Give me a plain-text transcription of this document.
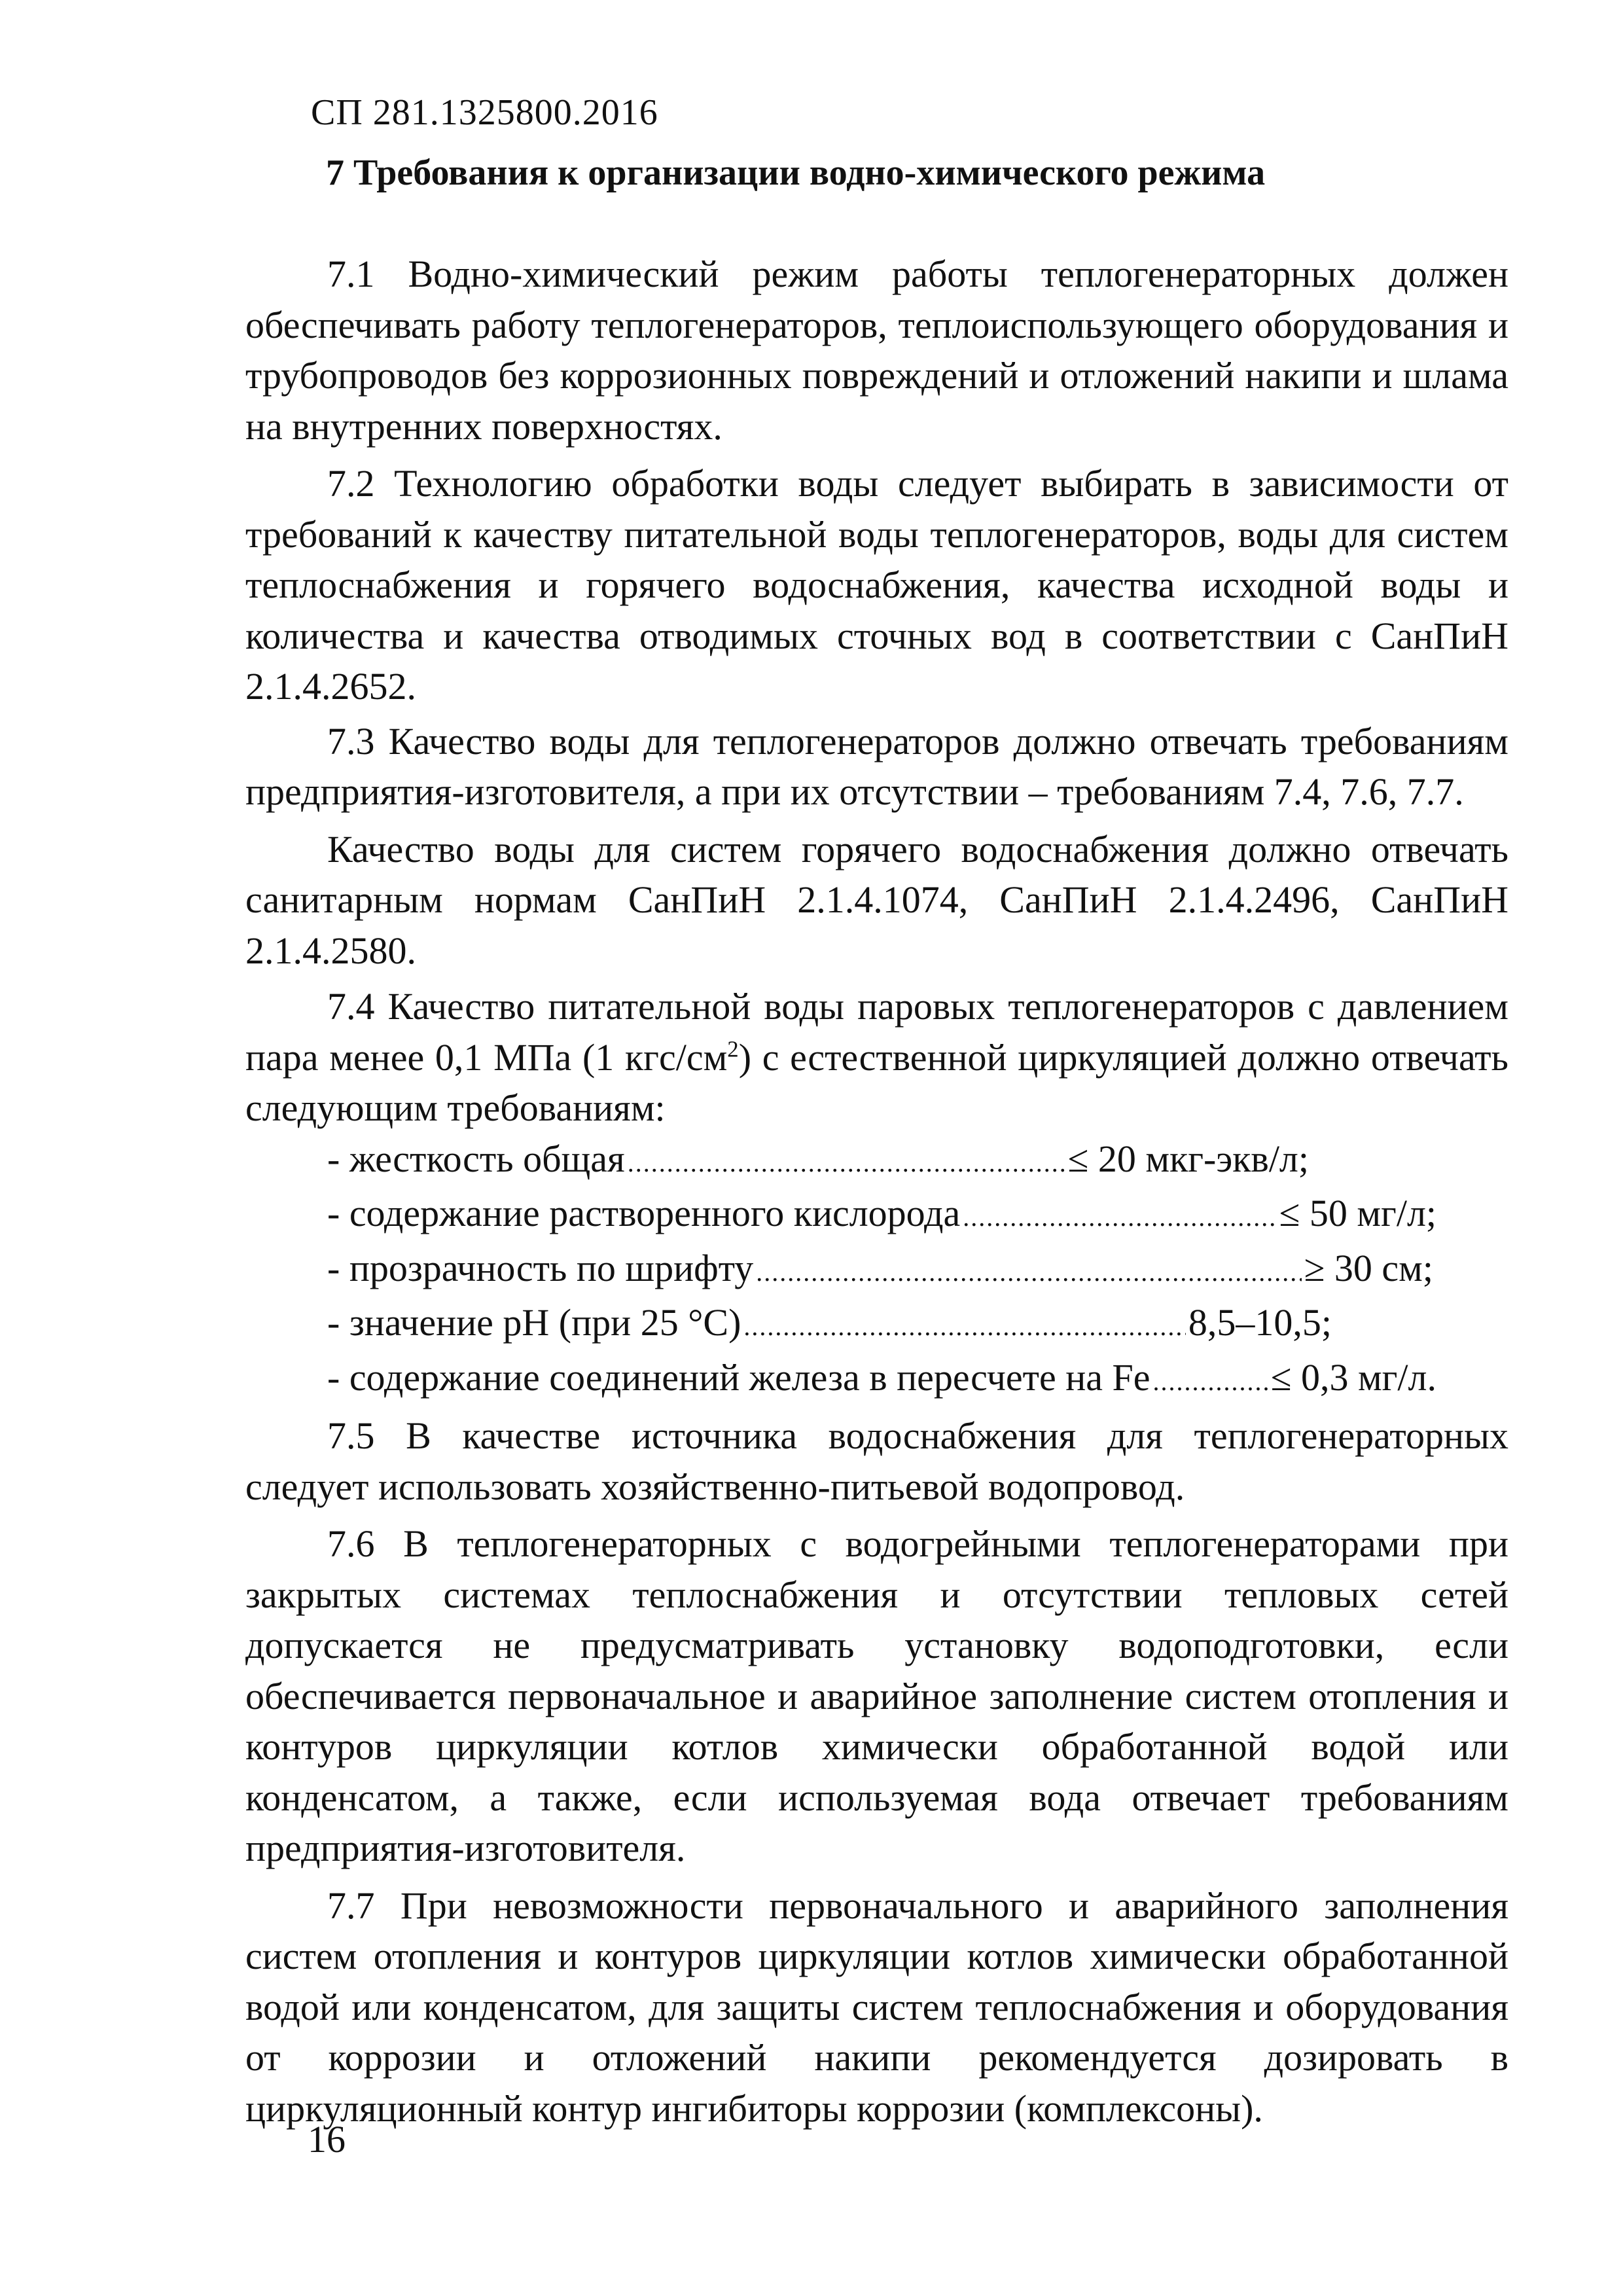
СП 281.1325800.2016
7 Требования к организации водно-химического режима

7.1 Водно-химический режим работы теплогенераторных должен обеспечивать работу теплогенераторов, теплоиспользующего оборудования и трубопроводов без коррозионных повреждений и отложений накипи и шлама на внутренних поверхностях.

7.2 Технологию обработки воды следует выбирать в зависимости от требований к качеству питательной воды теплогенераторов, воды для систем теплоснабжения и горячего водоснабжения, качества исходной воды и количества и качества отводимых сточных вод в соответствии с СанПиН 2.1.4.2652.

7.3 Качество воды для теплогенераторов должно отвечать требованиям предприятия-изготовителя, а при их отсутствии – требованиям 7.4, 7.6, 7.7.

Качество воды для систем горячего водоснабжения должно отвечать санитарным нормам СанПиН 2.1.4.1074, СанПиН 2.1.4.2496, СанПиН 2.1.4.2580.

7.4 Качество питательной воды паровых теплогенераторов с давлением пара менее 0,1 МПа (1 кгс/$см^2$) с естественной циркуляцией должно отвечать следующим требованиям:

- жесткость общая .....	≤ 20 мкг-экв/л;
- содержание растворенного кислорода .....	≤ 50 мг/л;
- прозрачность по шрифту .....	≥ 30 см;
- значение pH (при 25 °С) .....	8,5–10,5;
- содержание соединений железа в пересчете на Fe .....	≤ 0,3 мг/л.

7.5 В качестве источника водоснабжения для теплогенераторных следует использовать хозяйственно-питьевой водопровод.

7.6 В теплогенераторных с водогрейными теплогенераторами при закрытых системах теплоснабжения и отсутствии тепловых сетей допускается не предусматривать установку водоподготовки, если обеспечивается первоначальное и аварийное заполнение систем отопления и контуров циркуляции котлов химически обработанной водой или конденсатом, а также, если используемая вода отвечает требованиям предприятия-изготовителя.

7.7 При невозможности первоначального и аварийного заполнения систем отопления и контуров циркуляции котлов химически обработанной водой или конденсатом, для защиты систем теплоснабжения и оборудования от коррозии и отложений накипи рекомендуется дозировать в циркуляционный контур ингибиторы коррозии (комплексоны).

16
